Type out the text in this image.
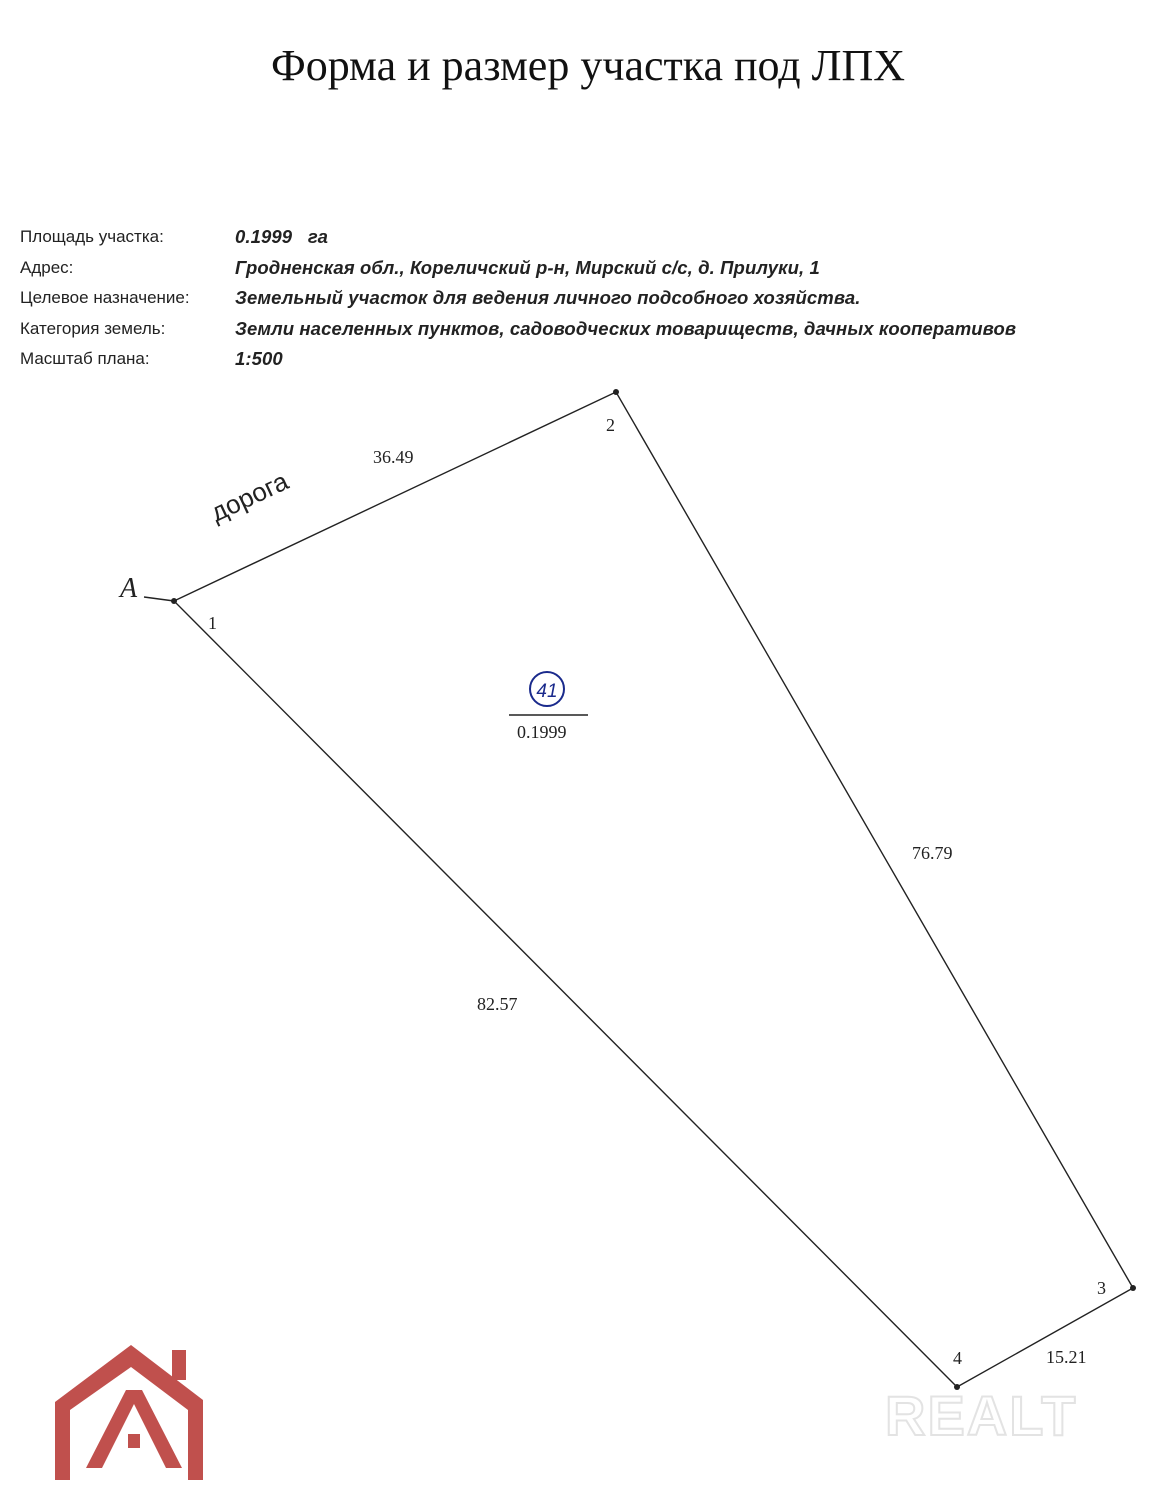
Форма и размер участка под ЛПХ
Площадь участка:	0.1999   га
Адрес:	Гродненская обл., Кореличский р-н, Мирский с/с, д. Прилуки, 1
Целевое назначение:	Земельный участок для ведения личного подсобного хозяйства.
Категория земель:	Земли населенных пунктов, садоводческих товариществ, дачных кооперативов
Масштаб плана:	1:500
A
1
2
3
4
36.49
76.79
15.21
82.57
дорога
41
0.1999
REALT
